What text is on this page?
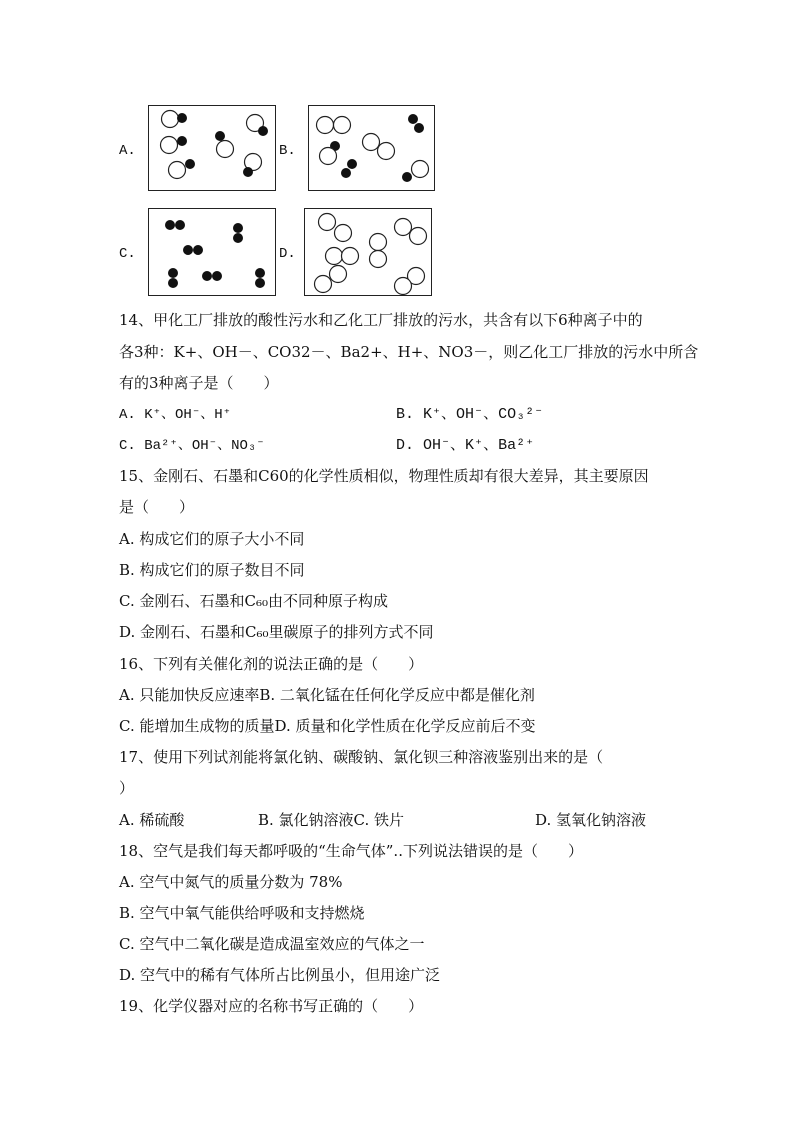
A.	B.
C.	D.
14、甲化工厂排放的酸性污水和乙化工厂排放的污水，共含有以下6种离子中的
各3种：K+、OH－、CO32－、Ba2+、H+、NO3－，则乙化工厂排放的污水中所含
有的3种离子是（　　）
A. K⁺、OH⁻、H⁺	B. K⁺、OH⁻、CO₃²⁻
C. Ba²⁺、OH⁻、NO₃⁻	D. OH⁻、K⁺、Ba²⁺
15、金刚石、石墨和C60的化学性质相似，物理性质却有很大差异，其主要原因
是（　　）
A. 构成它们的原子大小不同
B. 构成它们的原子数目不同
C. 金刚石、石墨和C₆₀由不同种原子构成
D. 金刚石、石墨和C₆₀里碳原子的排列方式不同
16、下列有关催化剂的说法正确的是（　　）
A. 只能加快反应速率B. 二氧化锰在任何化学反应中都是催化剂
C. 能增加生成物的质量D. 质量和化学性质在化学反应前后不变
17、使用下列试剂能将氯化钠、碳酸钠、氯化钡三种溶液鉴别出来的是（
）
A. 稀硫酸	B. 氯化钠溶液C. 铁片	D. 氢氧化钠溶液
18、空气是我们每天都呼吸的“生命气体”..下列说法错误的是（　　）
A. 空气中氮气的质量分数为 78%
B. 空气中氧气能供给呼吸和支持燃烧
C. 空气中二氧化碳是造成温室效应的气体之一
D. 空气中的稀有气体所占比例虽小，但用途广泛
19、化学仪器对应的名称书写正确的（　　）
